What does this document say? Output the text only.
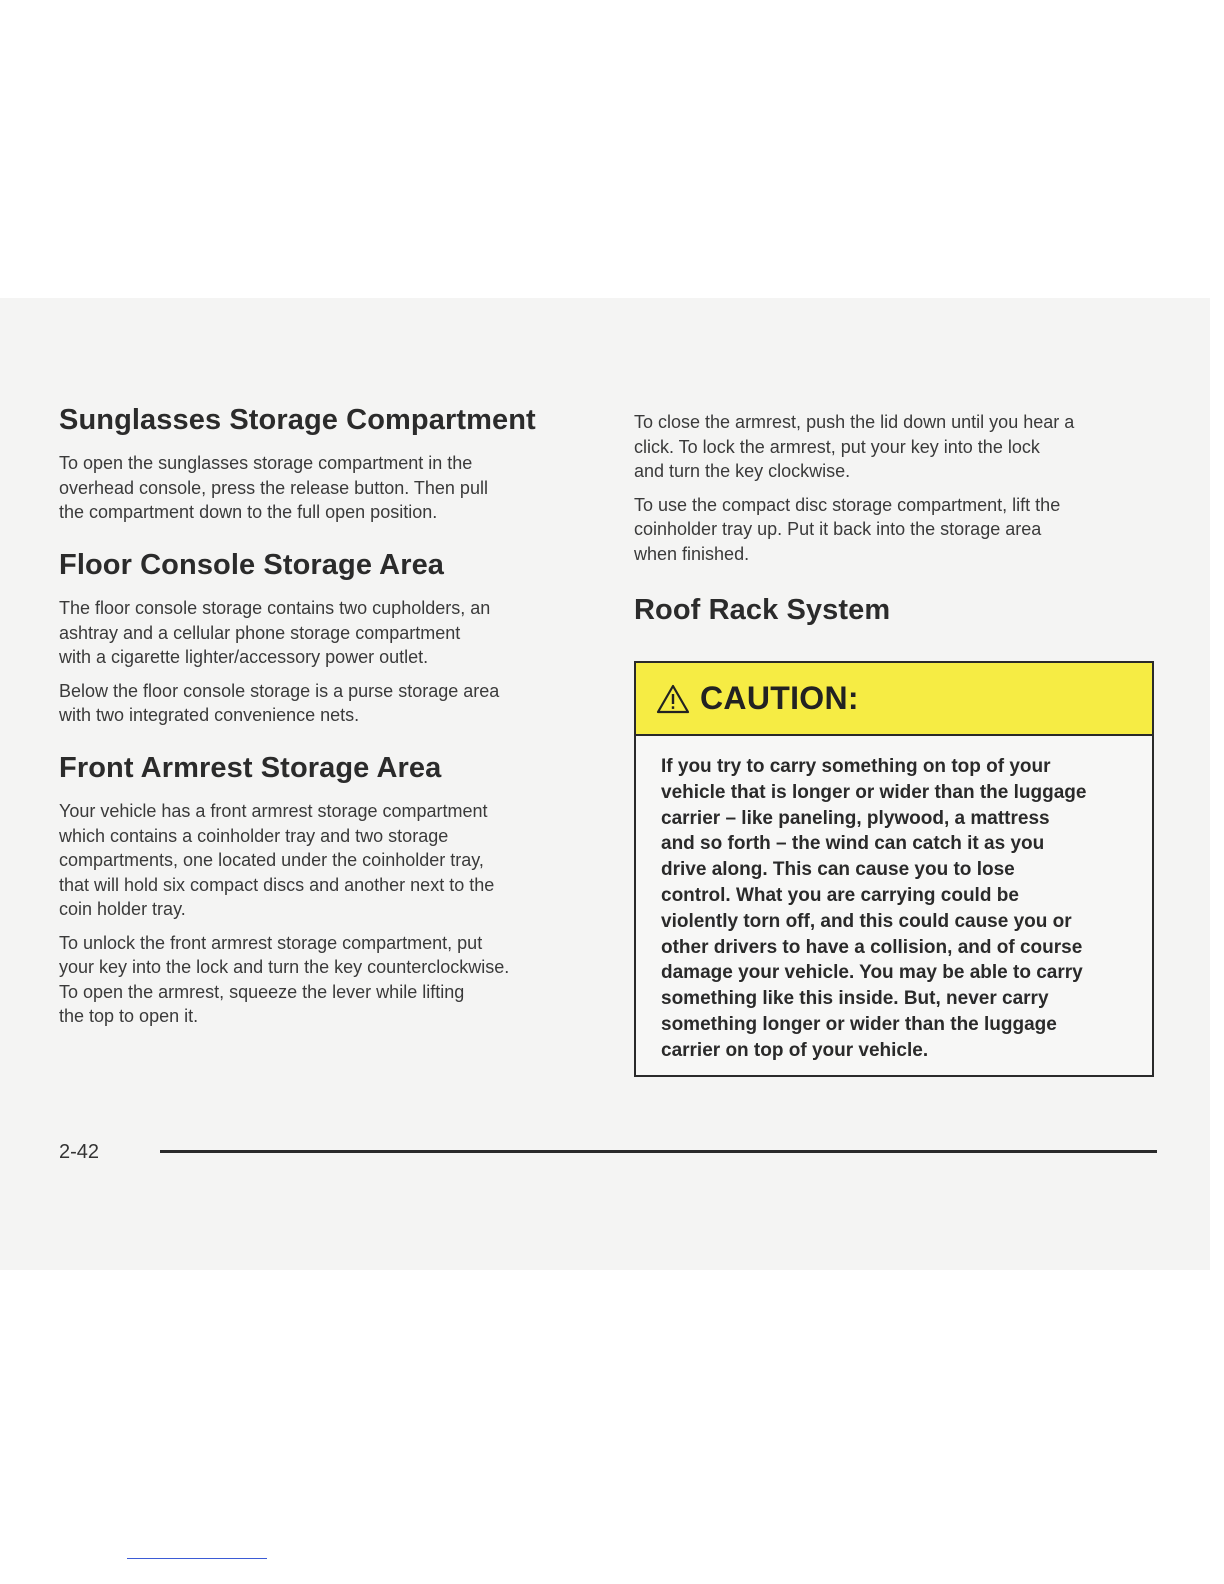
Sunglasses Storage Compartment

To open the sunglasses storage compartment in the
overhead console, press the release button. Then pull
the compartment down to the full open position.

Floor Console Storage Area

The floor console storage contains two cupholders, an
ashtray and a cellular phone storage compartment
with a cigarette lighter/accessory power outlet.

Below the floor console storage is a purse storage area
with two integrated convenience nets.

Front Armrest Storage Area

Your vehicle has a front armrest storage compartment
which contains a coinholder tray and two storage
compartments, one located under the coinholder tray,
that will hold six compact discs and another next to the
coin holder tray.

To unlock the front armrest storage compartment, put
your key into the lock and turn the key counterclockwise.
To open the armrest, squeeze the lever while lifting
the top to open it.

To close the armrest, push the lid down until you hear a
click. To lock the armrest, put your key into the lock
and turn the key clockwise.

To use the compact disc storage compartment, lift the
coinholder tray up. Put it back into the storage area
when finished.

Roof Rack System
CAUTION:
If you try to carry something on top of your
vehicle that is longer or wider than the luggage
carrier – like paneling, plywood, a mattress
and so forth – the wind can catch it as you
drive along. This can cause you to lose
control. What you are carrying could be
violently torn off, and this could cause you or
other drivers to have a collision, and of course
damage your vehicle. You may be able to carry
something like this inside. But, never carry
something longer or wider than the luggage
carrier on top of your vehicle.
2-42
